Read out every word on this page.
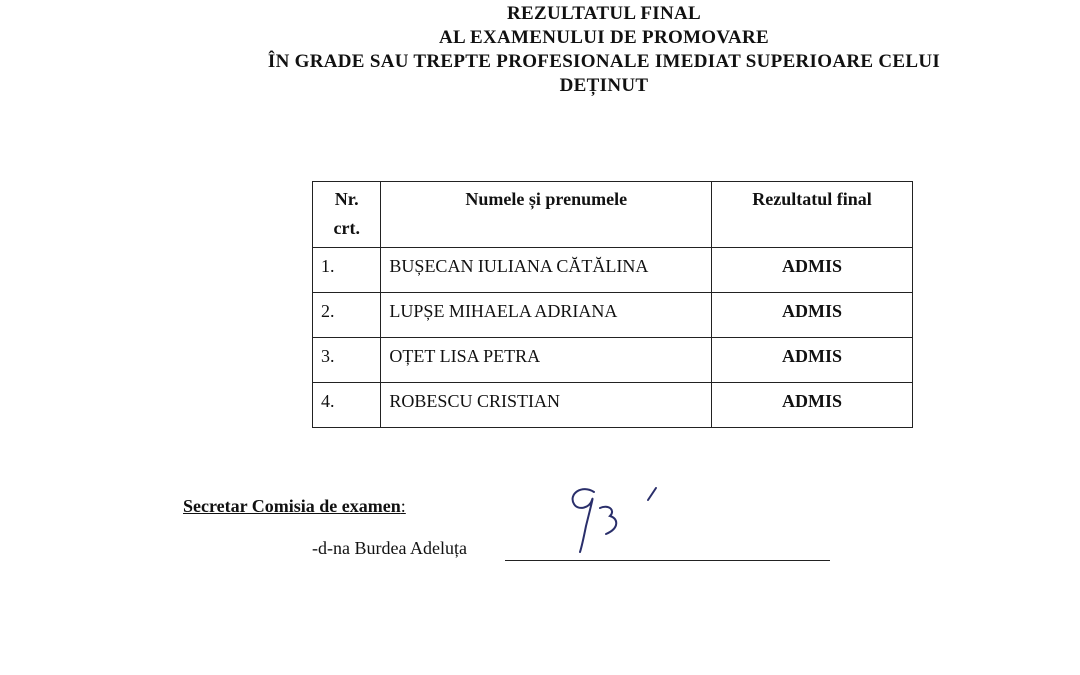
REZULTATUL FINAL
AL EXAMENULUI DE PROMOVARE
ÎN GRADE SAU TREPTE PROFESIONALE IMEDIAT SUPERIOARE CELUI
DEȚINUT
Nr.
crt.	Numele și prenumele	Rezultatul final
1.	BUȘECAN IULIANA CĂTĂLINA	ADMIS
2.	LUPȘE MIHAELA ADRIANA	ADMIS
3.	OȚET LISA PETRA	ADMIS
4.	ROBESCU CRISTIAN	ADMIS
Secretar Comisia de examen:
-d-na Burdea Adeluța
